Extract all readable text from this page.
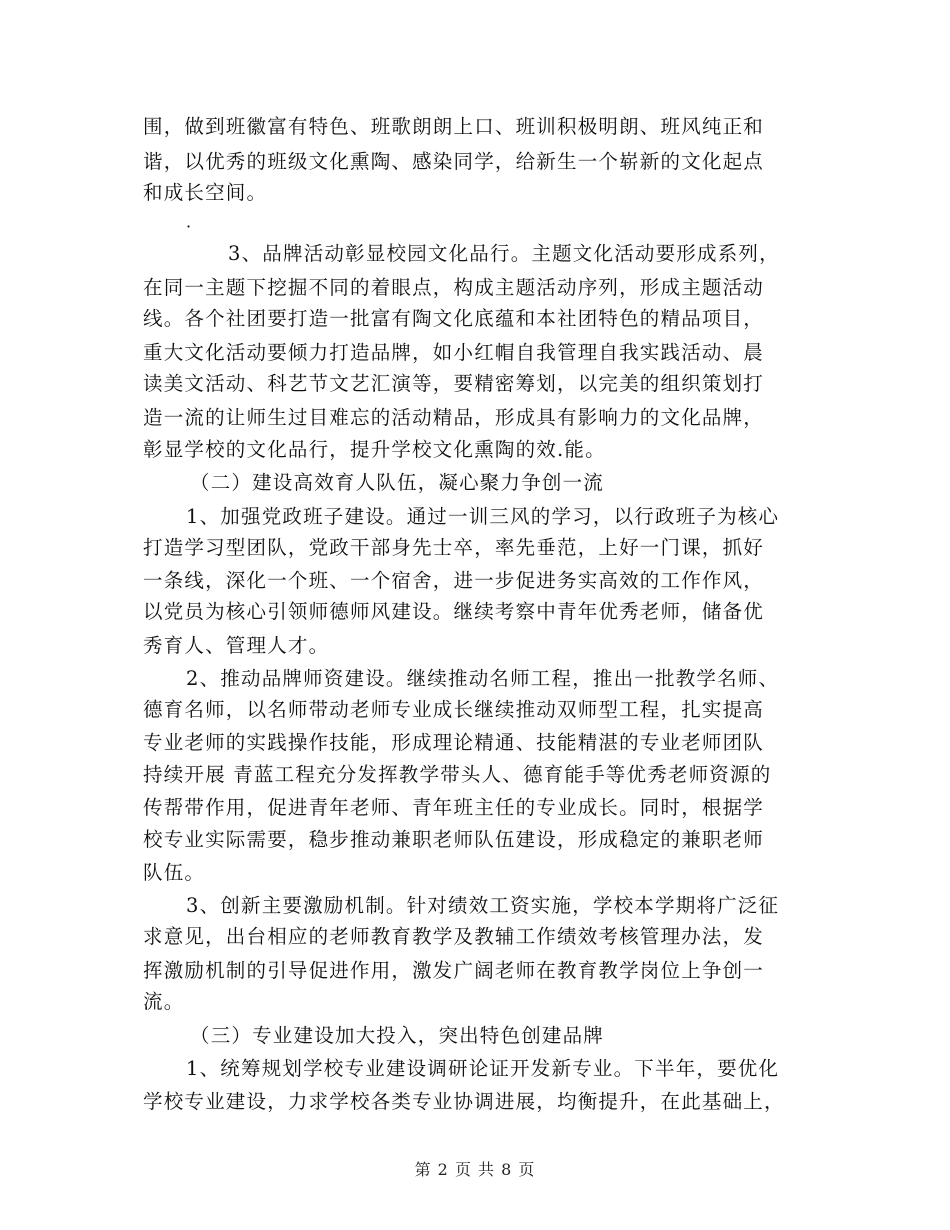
围，做到班徽富有特色、班歌朗朗上口、班训积极明朗、班风纯正和
谐，以优秀的班级文化熏陶、感染同学，给新生一个崭新的文化起点
和成长空间。
·
3、品牌活动彰显校园文化品行。主题文化活动要形成系列，
在同一主题下挖掘不同的着眼点，构成主题活动序列，形成主题活动
线。各个社团要打造一批富有陶文化底蕴和本社团特色的精品项目，
重大文化活动要倾力打造品牌，如小红帽自我管理自我实践活动、晨
读美文活动、科艺节文艺汇演等，要精密筹划，以完美的组织策划打
造一流的让师生过目难忘的活动精品，形成具有影响力的文化品牌，
彰显学校的文化品行，提升学校文化熏陶的效.能。
（二）建设高效育人队伍，凝心聚力争创一流
1、加强党政班子建设。通过一训三风的学习，以行政班子为核心
打造学习型团队，党政干部身先士卒，率先垂范，上好一门课，抓好
一条线，深化一个班、一个宿舍，进一步促进务实高效的工作作风，
以党员为核心引领师德师风建设。继续考察中青年优秀老师，储备优
秀育人、管理人才。
2、推动品牌师资建设。继续推动名师工程，推出一批教学名师、
德育名师，以名师带动老师专业成长继续推动双师型工程，扎实提高
专业老师的实践操作技能，形成理论精通、技能精湛的专业老师团队
持续开展 青蓝工程充分发挥教学带头人、德育能手等优秀老师资源的
传帮带作用，促进青年老师、青年班主任的专业成长。同时，根据学
校专业实际需要，稳步推动兼职老师队伍建设，形成稳定的兼职老师
队伍。
3、创新主要激励机制。针对绩效工资实施，学校本学期将广泛征
求意见，出台相应的老师教育教学及教辅工作绩效考核管理办法，发
挥激励机制的引导促进作用，激发广阔老师在教育教学岗位上争创一
流。
（三）专业建设加大投入，突出特色创建品牌
1、统筹规划学校专业建设调研论证开发新专业。下半年，要优化
学校专业建设，力求学校各类专业协调进展，均衡提升，在此基础上，
第 2 页 共 8 页
